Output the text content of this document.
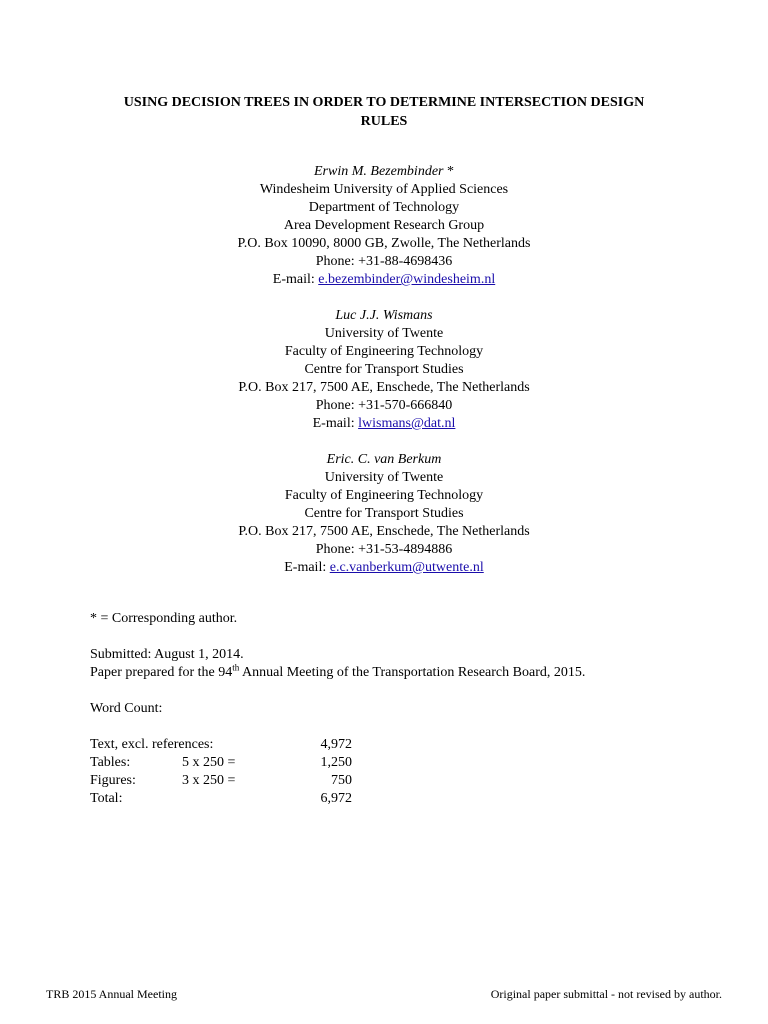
USING DECISION TREES IN ORDER TO DETERMINE INTERSECTION DESIGN
RULES
Erwin M. Bezembinder *
Windesheim University of Applied Sciences
Department of Technology
Area Development Research Group
P.O. Box 10090, 8000 GB, Zwolle, The Netherlands
Phone: +31-88-4698436
E-mail: e.bezembinder@windesheim.nl
Luc J.J. Wismans
University of Twente
Faculty of Engineering Technology
Centre for Transport Studies
P.O. Box 217, 7500 AE, Enschede, The Netherlands
Phone: +31-570-666840
E-mail: lwismans@dat.nl
Eric. C. van Berkum
University of Twente
Faculty of Engineering Technology
Centre for Transport Studies
P.O. Box 217, 7500 AE, Enschede, The Netherlands
Phone: +31-53-4894886
E-mail: e.c.vanberkum@utwente.nl
* = Corresponding author.
Submitted: August 1, 2014.
Paper prepared for the 94th Annual Meeting of the Transportation Research Board, 2015.
Word Count:
Text, excl. references:		4,972
Tables:	5 x 250 =	1,250
Figures:	3 x 250 =	750
Total:		6,972
TRB 2015 Annual Meeting	Original paper submittal - not revised by author.
